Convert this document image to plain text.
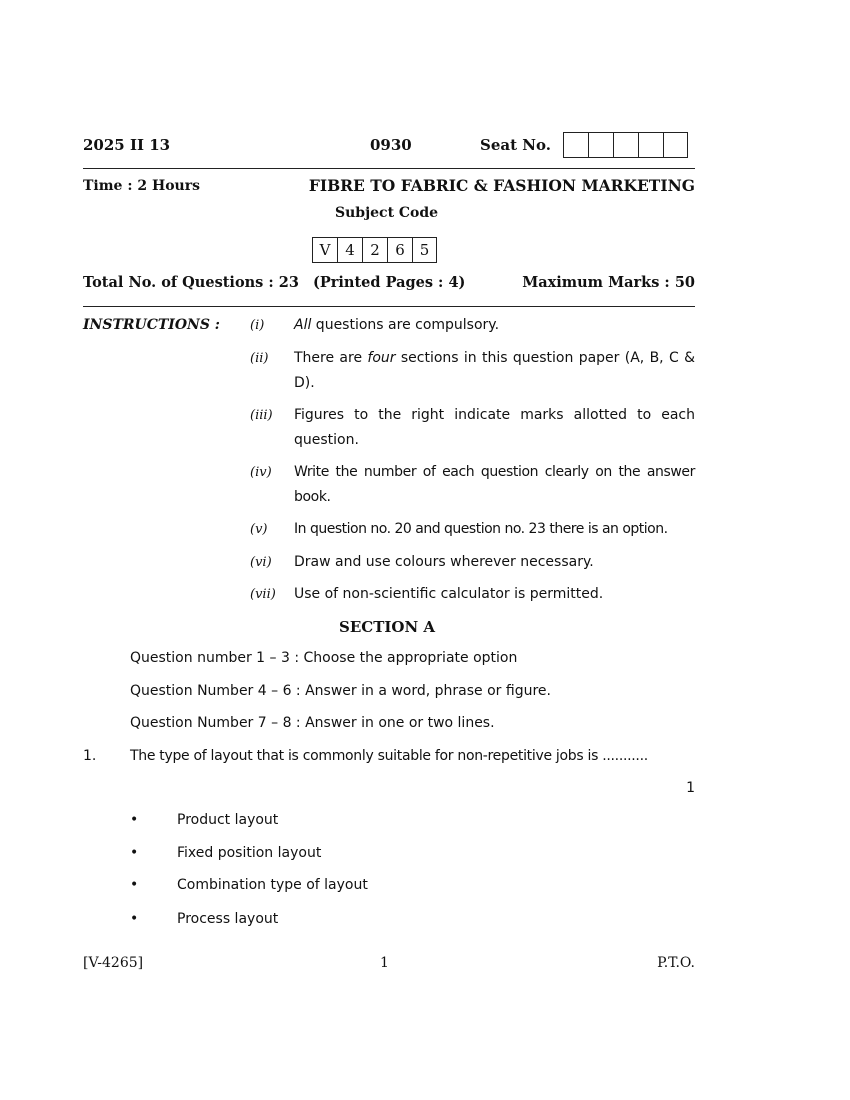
2025 II 13	0930	Seat No.
Time : 2 Hours	FIBRE TO FABRIC & FASHION MARKETING
Subject Code
V 4	2	6 5
Total No. of Questions : 23 (Printed Pages : 4)	Maximum Marks : 50
INSTRUCTIONS : (i) All questions are compulsory.
(ii) There are four sections in this question paper (A, B, C & D).
(iii) Figures to the right indicate marks allotted to each question.
(iv) Write the number of each question clearly on the answer book.
(v) In question no. 20 and question no. 23 there is an option.
(vi) Draw and use colours wherever necessary.
(vii) Use of non-scientific calculator is permitted.
SECTION A
Question number 1 – 3 : Choose the appropriate option
Question Number 4 – 6 : Answer in a word, phrase or figure.
Question Number 7 – 8 : Answer in one or two lines.
1. The type of layout that is commonly suitable for non-repetitive jobs is ...........
1
•	Product layout
•	Fixed position layout
•	Combination type of layout
•	Process layout
[V-4265]	1	P.T.O.
